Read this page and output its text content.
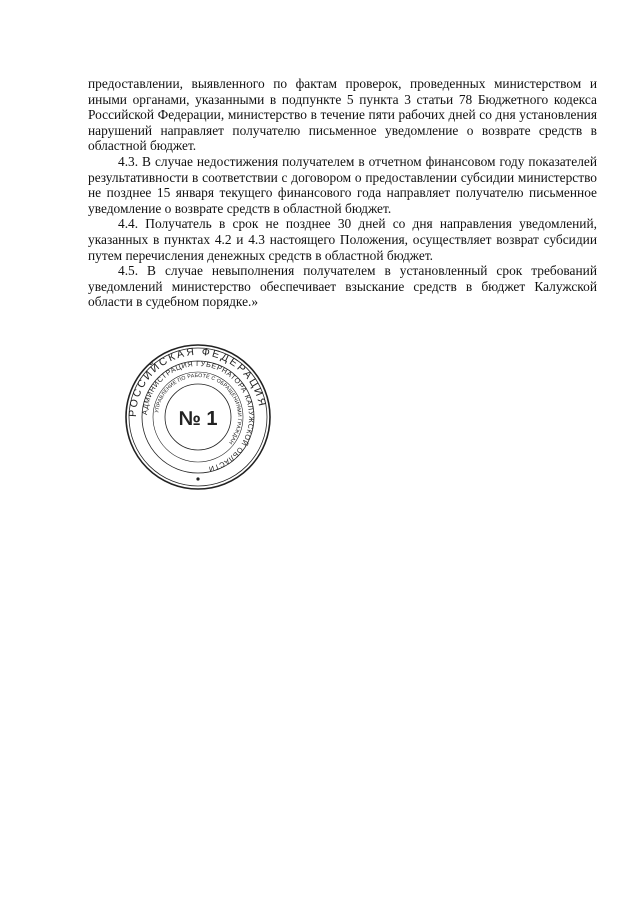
предоставлении, выявленного по фактам проверок, проведенных министерством и иными органами, указанными в подпункте 5 пункта 3 статьи 78 Бюджетного кодекса Российской Федерации, министерство в течение пяти рабочих дней со дня установления нарушений направляет получателю письменное уведомление о возврате средств в областной бюджет.

4.3. В случае недостижения получателем в отчетном финансовом году показателей результативности в соответствии с договором о предоставлении субсидии министерство не позднее 15 января текущего финансового года направляет получателю письменное уведомление о возврате средств в областной бюджет.

4.4. Получатель в срок не позднее 30 дней со дня направления уведомлений, указанных в пунктах 4.2 и 4.3 настоящего Положения, осуществляет возврат субсидии путем перечисления денежных средств в областной бюджет.

4.5. В случае невыполнения получателем в установленный срок требований уведомлений министерство обеспечивает взыскание средств в бюджет Калужской области в судебном порядке.»

РОССИЙСКАЯ ФЕДЕРАЦИЯ
АДМИНИСТРАЦИЯ ГУБЕРНАТОРА КАЛУЖСКОЙ ОБЛАСТИ
УПРАВЛЕНИЕ ПО РАБОТЕ С ОБРАЩЕНИЯМИ ГРАЖДАН
№ 1
